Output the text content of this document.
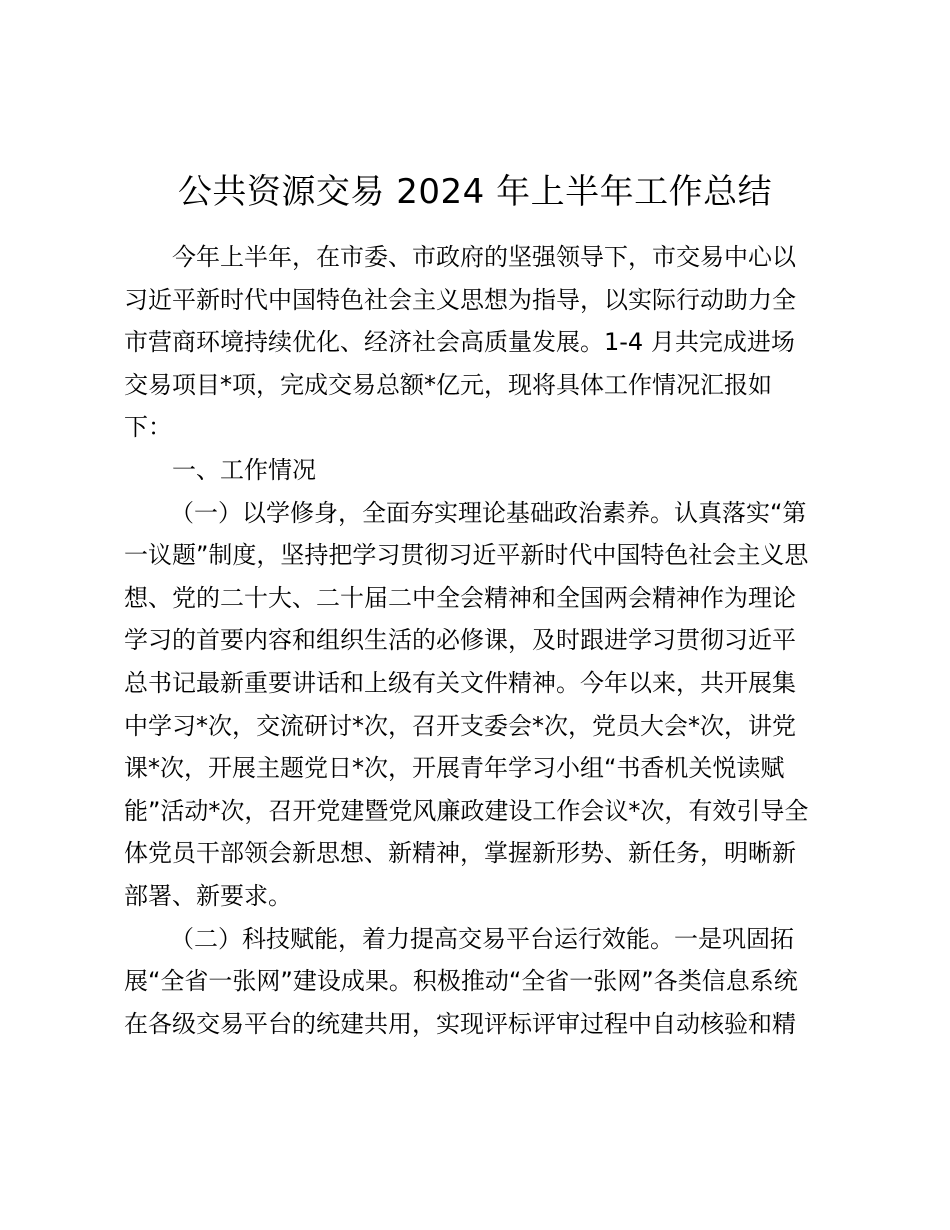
公共资源交易 2024 年上半年工作总结
今年上半年，在市委、市政府的坚强领导下，市交易中心以
习近平新时代中国特色社会主义思想为指导，以实际行动助力全
市营商环境持续优化、经济社会高质量发展。1-4 月共完成进场
交易项目*项，完成交易总额*亿元，现将具体工作情况汇报如
下：
一、工作情况
（一）以学修身，全面夯实理论基础政治素养。认真落实“第
一议题”制度，坚持把学习贯彻习近平新时代中国特色社会主义思
想、党的二十大、二十届二中全会精神和全国两会精神作为理论
学习的首要内容和组织生活的必修课，及时跟进学习贯彻习近平
总书记最新重要讲话和上级有关文件精神。今年以来，共开展集
中学习*次，交流研讨*次，召开支委会*次，党员大会*次，讲党
课*次，开展主题党日*次，开展青年学习小组“书香机关悦读赋
能”活动*次，召开党建暨党风廉政建设工作会议*次，有效引导全
体党员干部领会新思想、新精神，掌握新形势、新任务，明晰新
部署、新要求。
（二）科技赋能，着力提高交易平台运行效能。一是巩固拓
展“全省一张网”建设成果。积极推动“全省一张网”各类信息系统
在各级交易平台的统建共用，实现评标评审过程中自动核验和精
